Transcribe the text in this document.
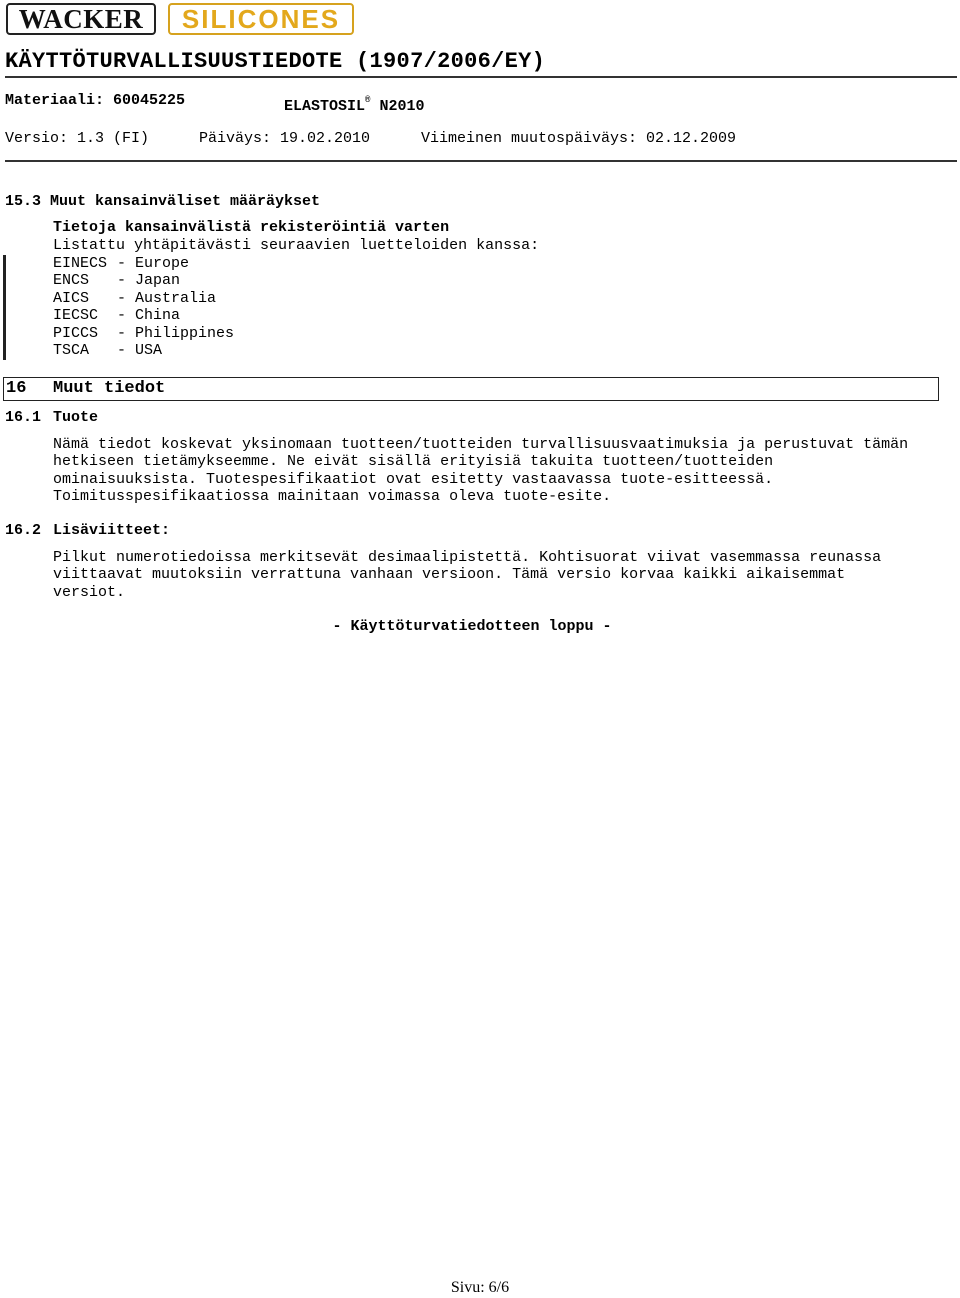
WACKER SILICONES
KÄYTTÖTURVALLISUUSTIEDOTE (1907/2006/EY)
Materiaali: 60045225	ELASTOSIL® N2010
Versio: 1.3 (FI)	Päiväys: 19.02.2010	Viimeinen muutospäiväys: 02.12.2009
15.3 Muut kansainväliset määräykset
Tietoja kansainvälistä rekisteröintiä varten
Listattu yhtäpitävästi seuraavien luetteloiden kanssa:
EINECS - Europe
ENCS - Japan
AICS - Australia
IECSC - China
PICCS - Philippines
TSCA - USA
16 Muut tiedot
16.1 Tuote
Nämä tiedot koskevat yksinomaan tuotteen/tuotteiden turvallisuusvaatimuksia ja perustuvat tämän
hetkiseen tietämykseemme. Ne eivät sisällä erityisiä takuita tuotteen/tuotteiden
ominaisuuksista. Tuotespesifikaatiot ovat esitetty vastaavassa tuote-esitteessä.
Toimitusspesifikaatiossa mainitaan voimassa oleva tuote-esite.
16.2 Lisäviitteet:
Pilkut numerotiedoissa merkitsevät desimaalipistettä. Kohtisuorat viivat vasemmassa reunassa
viittaavat muutoksiin verrattuna vanhaan versioon. Tämä versio korvaa kaikki aikaisemmat
versiot.
- Käyttöturvatiedotteen loppu -
Sivu: 6/6
